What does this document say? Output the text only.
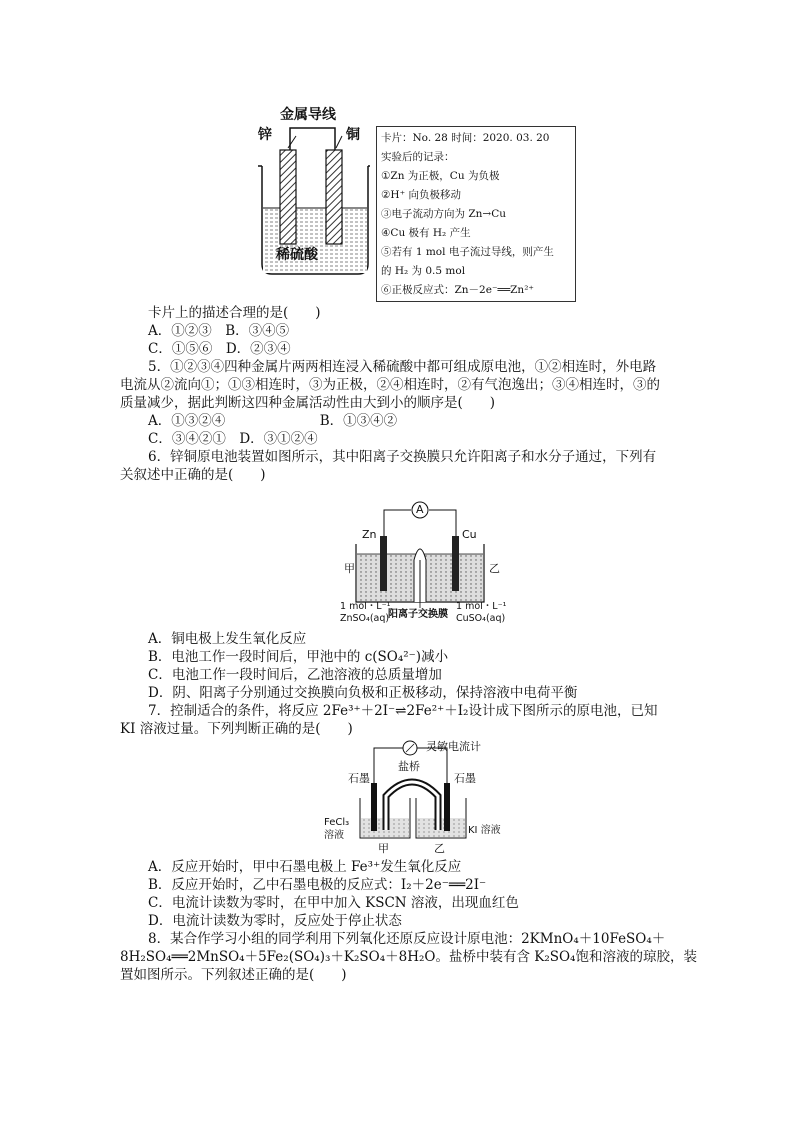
金属导线
锌	铜
稀硫酸
卡片：No. 28 时间：2020. 03. 20
实验后的记录：
①Zn 为正极，Cu 为负极
②H⁺ 向负极移动
③电子流动方向为 Zn→Cu
④Cu 极有 H₂ 产生
⑤若有 1 mol 电子流过导线，则产生
的 H₂ 为 0.5 mol
⑥正极反应式：Zn－2e⁻══Zn²⁺
卡片上的描述合理的是(　　)
A．①②③　B．③④⑤
C．①⑤⑥　D．②③④
5．①②③④四种金属片两两相连浸入稀硫酸中都可组成原电池，①②相连时，外电路
电流从②流向①；①③相连时，③为正极，②④相连时，②有气泡逸出；③④相连时，③的
质量减少，据此判断这四种金属活动性由大到小的顺序是(　　)
A．①③②④　　　　　　　B．①③④②
C．③④②①　D．③①②④
6．锌铜原电池装置如图所示，其中阳离子交换膜只允许阳离子和水分子通过，下列有
关叙述中正确的是(　　)
A
Zn	Cu
甲	乙
1 mol・L⁻¹
ZnSO₄(aq)
阳离子交换膜
1 mol・L⁻¹
CuSO₄(aq)
A．铜电极上发生氧化反应
B．电池工作一段时间后，甲池中的 c(SO₄²⁻)减小
C．电池工作一段时间后，乙池溶液的总质量增加
D．阴、阳离子分别通过交换膜向负极和正极移动，保持溶液中电荷平衡
7．控制适合的条件，将反应 2Fe³⁺＋2I⁻⇌2Fe²⁺＋I₂设计成下图所示的原电池，已知
KI 溶液过量。下列判断正确的是(　　)
灵敏电流计
盐桥
石墨	石墨
FeCl₃
溶液	KI 溶液
甲	乙
A．反应开始时，甲中石墨电极上 Fe³⁺发生氧化反应
B．反应开始时，乙中石墨电极的反应式：I₂＋2e⁻══2I⁻
C．电流计读数为零时，在甲中加入 KSCN 溶液，出现血红色
D．电流计读数为零时，反应处于停止状态
8．某合作学习小组的同学利用下列氧化还原反应设计原电池：2KMnO₄＋10FeSO₄＋
8H₂SO₄══2MnSO₄＋5Fe₂(SO₄)₃＋K₂SO₄＋8H₂O。盐桥中装有含 K₂SO₄饱和溶液的琼胶，装
置如图所示。下列叙述正确的是(　　)
